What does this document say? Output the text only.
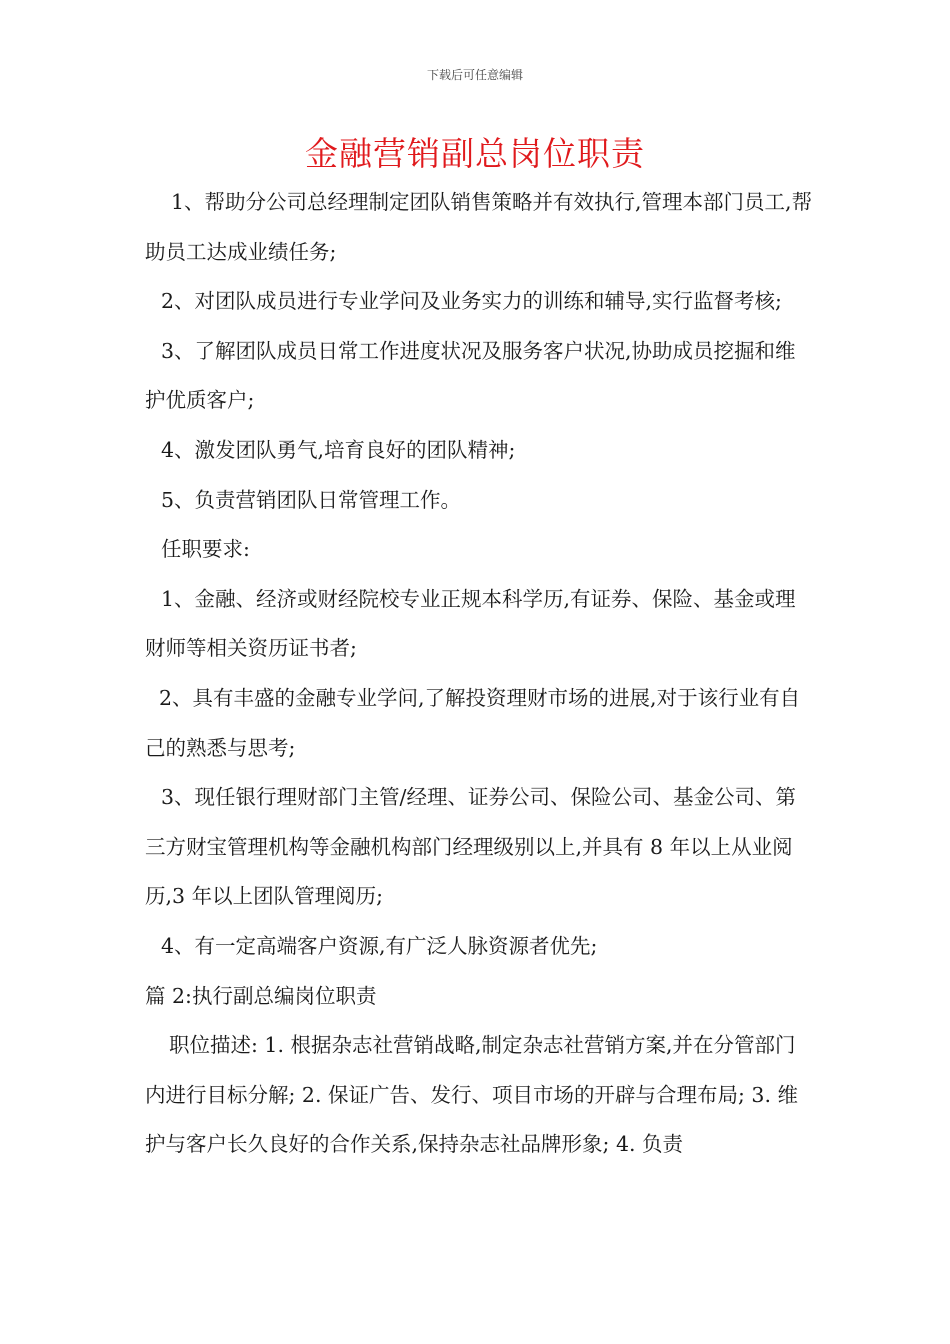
下载后可任意编辑
金融营销副总岗位职责

1、帮助分公司总经理制定团队销售策略并有效执行,管理本部门员工,帮助员工达成业绩任务;

2、对团队成员进行专业学问及业务实力的训练和辅导,实行监督考核;

3、了解团队成员日常工作进度状况及服务客户状况,协助成员挖掘和维护优质客户;

4、激发团队勇气,培育良好的团队精神;

5、负责营销团队日常管理工作。

任职要求:

1、金融、经济或财经院校专业正规本科学历,有证券、保险、基金或理财师等相关资历证书者;

2、具有丰盛的金融专业学问,了解投资理财市场的进展,对于该行业有自己的熟悉与思考;

3、现任银行理财部门主管/经理、证券公司、保险公司、基金公司、第三方财宝管理机构等金融机构部门经理级别以上,并具有 8 年以上从业阅历,3 年以上团队管理阅历;

4、有一定高端客户资源,有广泛人脉资源者优先;

篇 2:执行副总编岗位职责

职位描述: 1. 根据杂志社营销战略,制定杂志社营销方案,并在分管部门内进行目标分解; 2. 保证广告、发行、项目市场的开辟与合理布局; 3. 维护与客户长久良好的合作关系,保持杂志社品牌形象; 4. 负责
